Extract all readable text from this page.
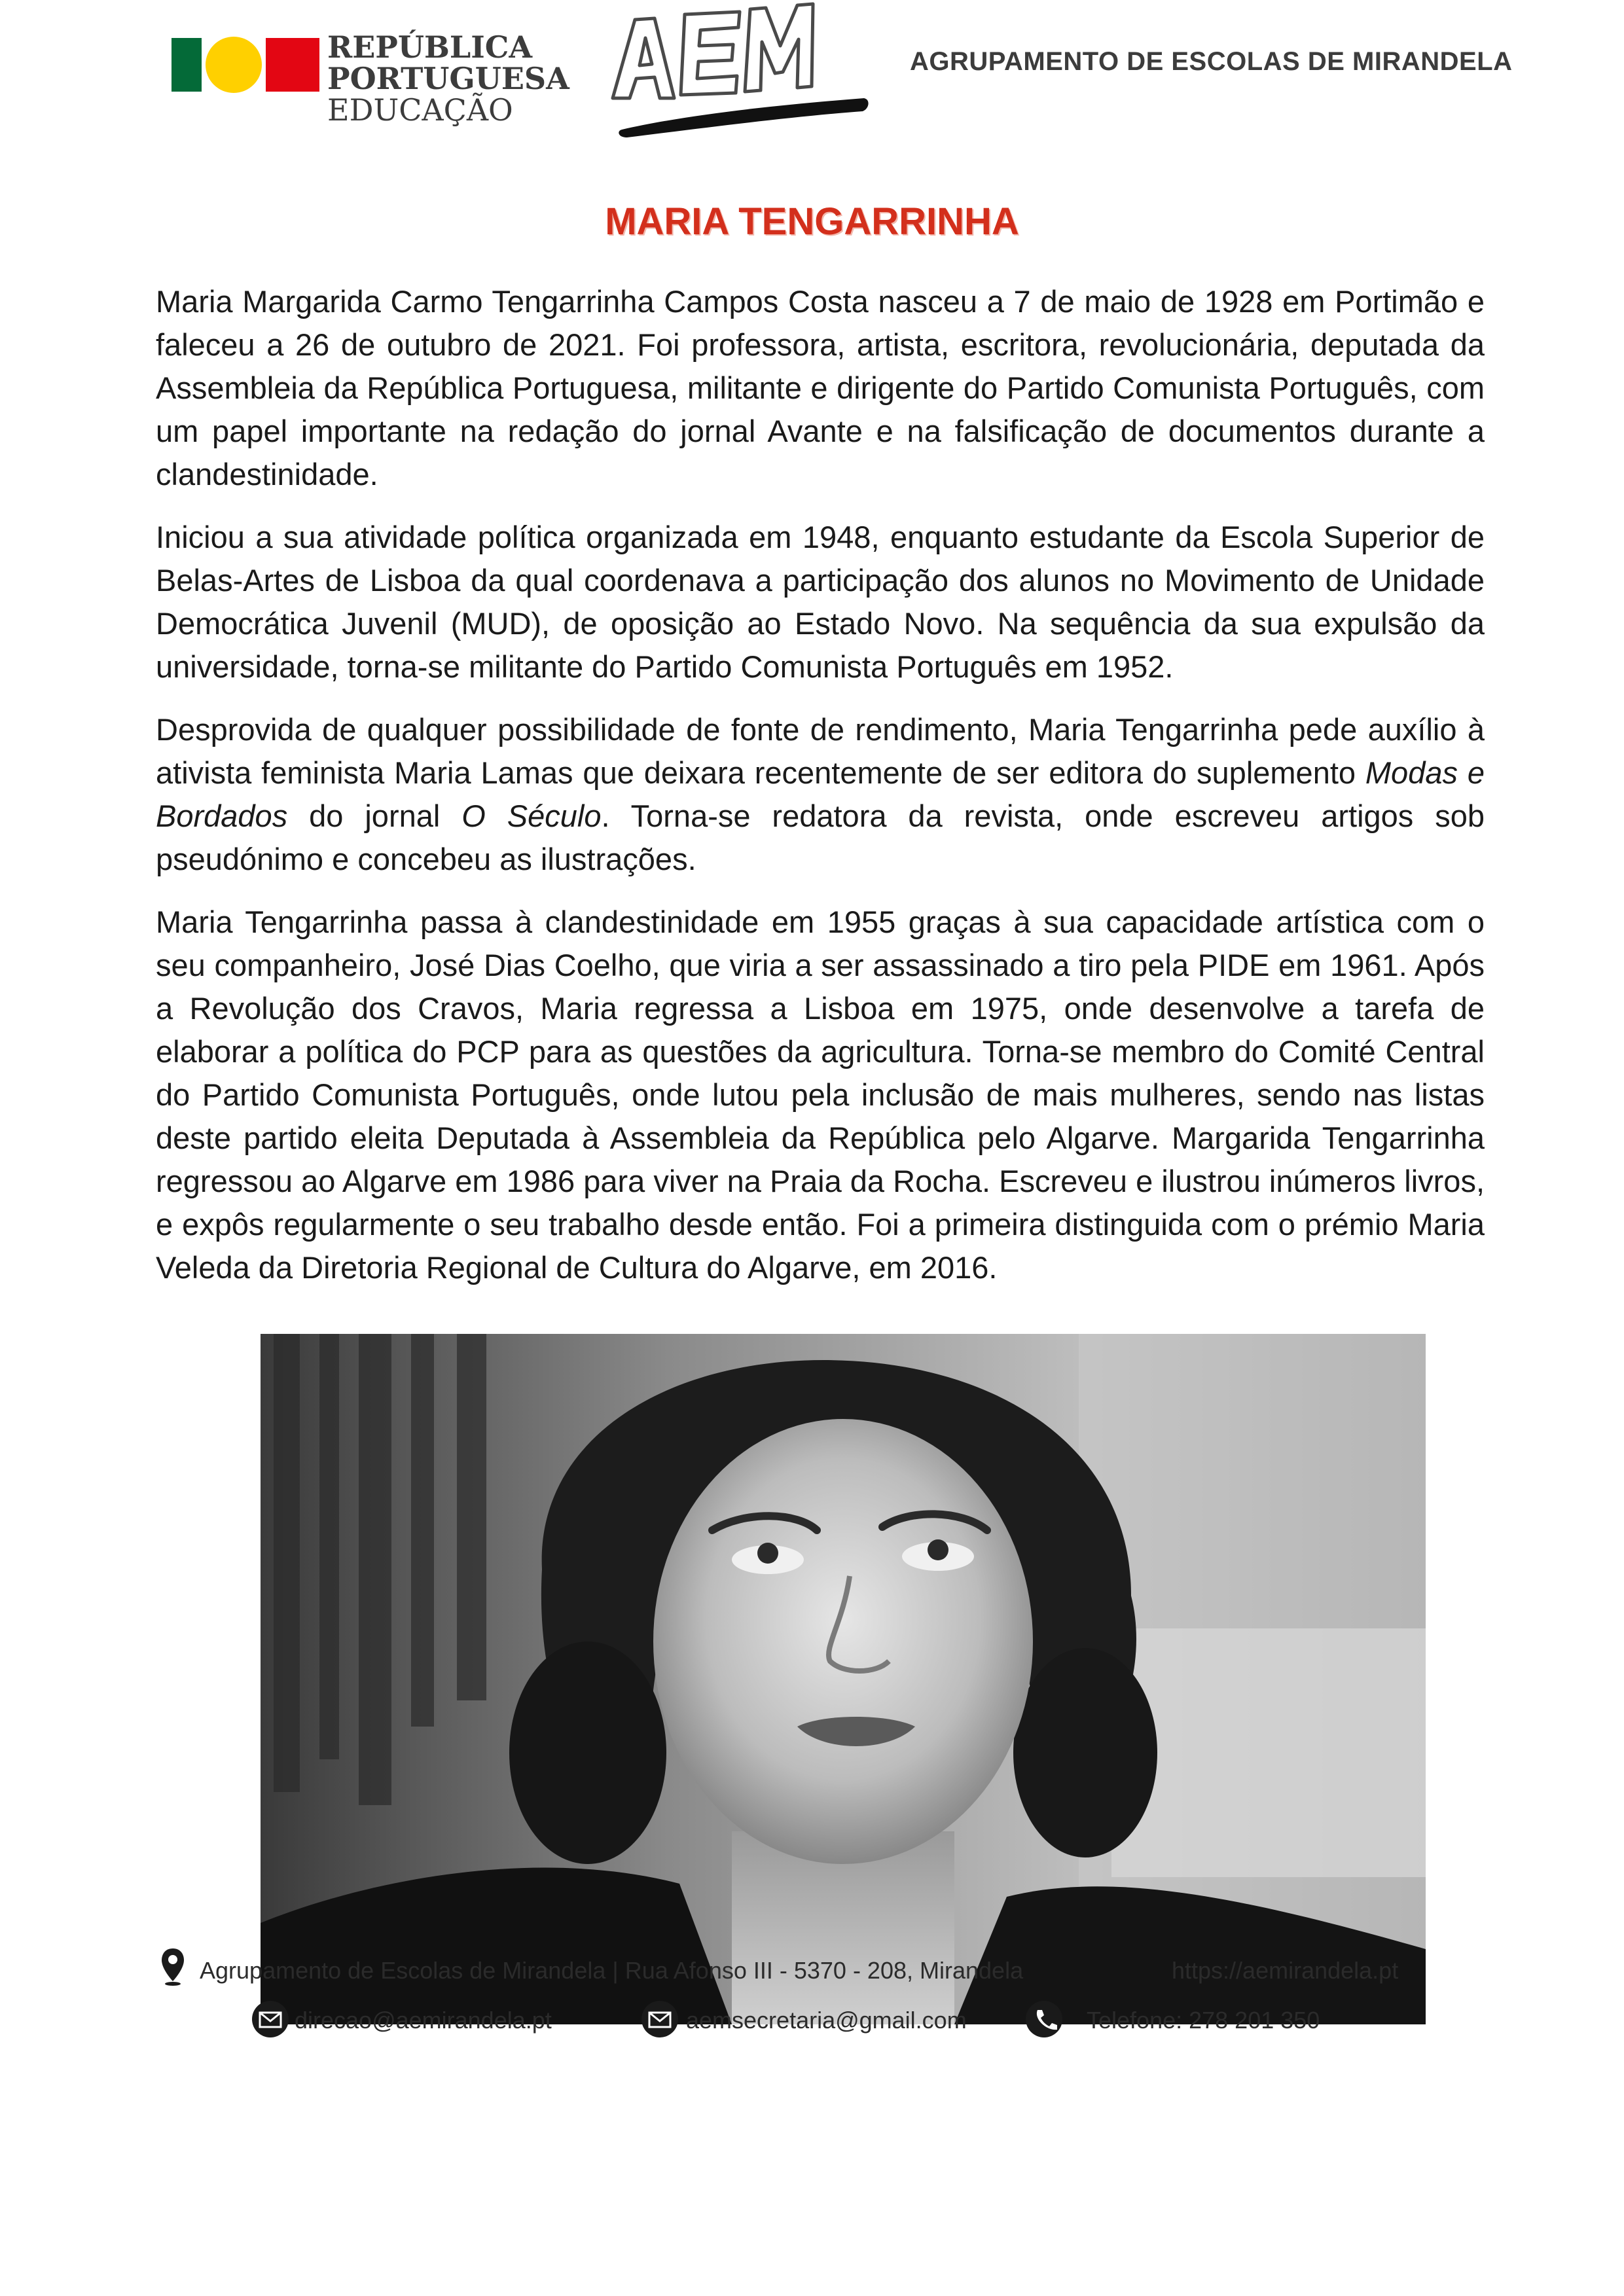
REPÚBLICA
PORTUGUESA
EDUCAÇÃO
AGRUPAMENTO DE ESCOLAS DE MIRANDELA
MARIA TENGARRINHA

Maria Margarida Carmo Tengarrinha Campos Costa nasceu a 7 de maio de 1928 em Portimão e faleceu a 26 de outubro de 2021. Foi professora, artista, escritora, revolucionária, deputada da Assembleia da República Portuguesa, militante e dirigente do Partido Comunista Português, com um papel importante na redação do jornal Avante e na falsificação de documentos durante a clandestinidade.

Iniciou a sua atividade política organizada em 1948, enquanto estudante da Escola Superior de Belas-Artes de Lisboa da qual coordenava a participação dos alunos no Movimento de Unidade Democrática Juvenil (MUD), de oposição ao Estado Novo. Na sequência da sua expulsão da universidade, torna-se militante do Partido Comunista Português em 1952.

Desprovida de qualquer possibilidade de fonte de rendimento, Maria Tengarrinha pede auxílio à ativista feminista Maria Lamas que deixara recentemente de ser editora do suplemento Modas e Bordados do jornal O Século. Torna-se redatora da revista, onde escreveu artigos sob pseudónimo e concebeu as ilustrações.

Maria Tengarrinha passa à clandestinidade em 1955 graças à sua capacidade artística com o seu companheiro, José Dias Coelho, que viria a ser assassinado a tiro pela PIDE em 1961. Após a Revolução dos Cravos, Maria regressa a Lisboa em 1975, onde desenvolve a tarefa de elaborar a política do PCP para as questões da agricultura. Torna-se membro do Comité Central do Partido Comunista Português, onde lutou pela inclusão de mais mulheres, sendo nas listas deste partido eleita Deputada à Assembleia da República pelo Algarve. Margarida Tengarrinha regressou ao Algarve em 1986 para viver na Praia da Rocha. Escreveu e ilustrou inúmeros livros, e expôs regularmente o seu trabalho desde então. Foi a primeira distinguida com o prémio Maria Veleda da Diretoria Regional de Cultura do Algarve, em 2016.

Agrupamento de Escolas de Mirandela | Rua Afonso III - 5370 - 208, Mirandela	https://aemirandela.pt
direcao@aemirandela.pt	aemsecretaria@gmail.com	Telefone: 278 201 350
